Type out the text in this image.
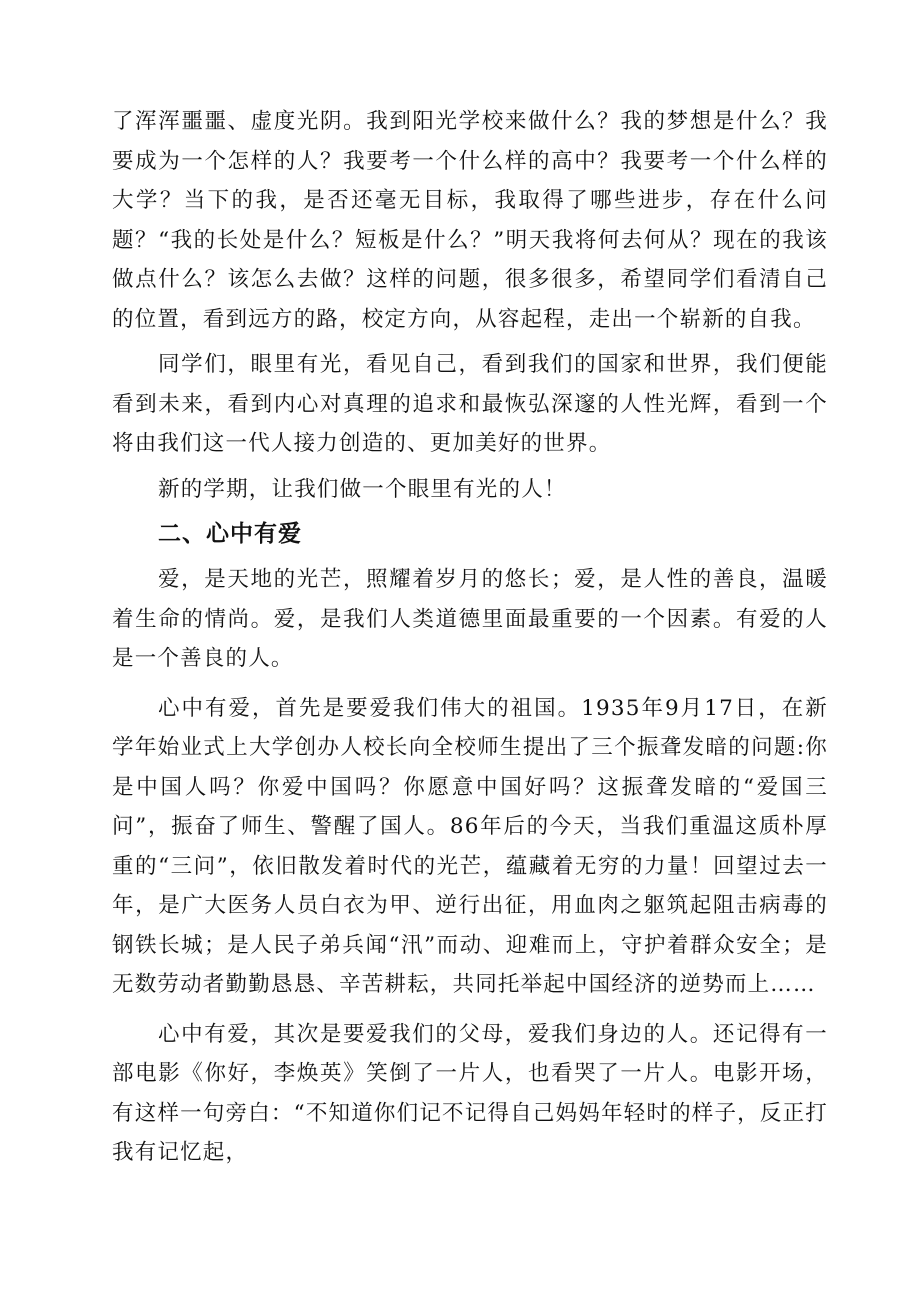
了浑浑噩噩、虚度光阴。我到阳光学校来做什么？我的梦想是什么？我要成为一个怎样的人？我要考一个什么样的高中？我要考一个什么样的大学？当下的我，是否还毫无目标，我取得了哪些进步，存在什么问题？“我的长处是什么？短板是什么？”明天我将何去何从？现在的我该做点什么？该怎么去做？这样的问题，很多很多，希望同学们看清自己的位置，看到远方的路，校定方向，从容起程，走出一个崭新的自我。

同学们，眼里有光，看见自己，看到我们的国家和世界，我们便能看到未来，看到内心对真理的追求和最恢弘深邃的人性光辉，看到一个将由我们这一代人接力创造的、更加美好的世界。

新的学期，让我们做一个眼里有光的人！

二、心中有爱

爱，是天地的光芒，照耀着岁月的悠长；爱，是人性的善良，温暖着生命的情尚。爱，是我们人类道德里面最重要的一个因素。有爱的人是一个善良的人。

心中有爱，首先是要爱我们伟大的祖国。1935年9月17日，在新学年始业式上大学创办人校长向全校师生提出了三个振聋发暗的问题:你是中国人吗？你爱中国吗？你愿意中国好吗？这振聋发暗的“爱国三问”，振奋了师生、警醒了国人。86年后的今天，当我们重温这质朴厚重的“三问”，依旧散发着时代的光芒，蕴藏着无穷的力量！回望过去一年，是广大医务人员白衣为甲、逆行出征，用血肉之躯筑起阻击病毒的钢铁长城；是人民子弟兵闻“汛”而动、迎难而上，守护着群众安全；是无数劳动者勤勤恳恳、辛苦耕耘，共同托举起中国经济的逆势而上……

心中有爱，其次是要爱我们的父母，爱我们身边的人。还记得有一部电影《你好，李焕英》笑倒了一片人，也看哭了一片人。电影开场，有这样一句旁白：“不知道你们记不记得自己妈妈年轻时的样子，反正打我有记忆起，
